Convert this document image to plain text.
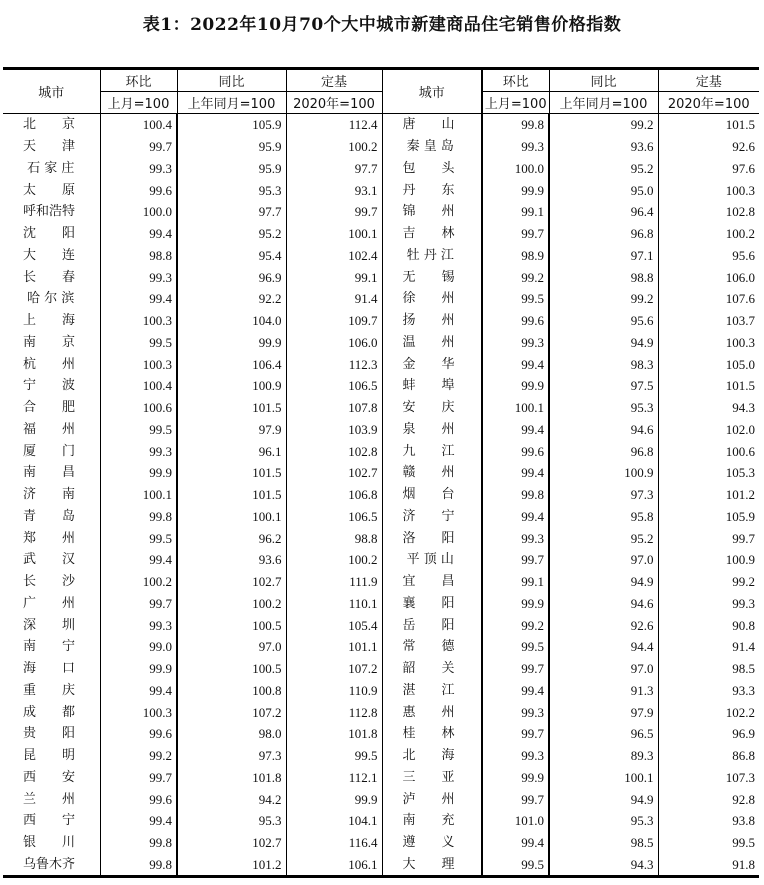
表1：2022年10月70个大中城市新建商品住宅销售价格指数
城市	环比	同比	定基	城市	环比	同比	定基
	上月=100	上年同月=100	2020年=100		上月=100	上年同月=100	2020年=100
北　　京	100.4	105.9	112.4	唐　　山	99.8	99.2	101.5
天　　津	99.7	95.9	100.2	秦 皇 岛	99.3	93.6	92.6
石 家 庄	99.3	95.9	97.7	包　　头	100.0	95.2	97.6
太　　原	99.6	95.3	93.1	丹　　东	99.9	95.0	100.3
呼和浩特	100.0	97.7	99.7	锦　　州	99.1	96.4	102.8
沈　　阳	99.4	95.2	100.1	吉　　林	99.7	96.8	100.2
大　　连	98.8	95.4	102.4	牡 丹 江	98.9	97.1	95.6
长　　春	99.3	96.9	99.1	无　　锡	99.2	98.8	106.0
哈 尔 滨	99.4	92.2	91.4	徐　　州	99.5	99.2	107.6
上　　海	100.3	104.0	109.7	扬　　州	99.6	95.6	103.7
南　　京	99.5	99.9	106.0	温　　州	99.3	94.9	100.3
杭　　州	100.3	106.4	112.3	金　　华	99.4	98.3	105.0
宁　　波	100.4	100.9	106.5	蚌　　埠	99.9	97.5	101.5
合　　肥	100.6	101.5	107.8	安　　庆	100.1	95.3	94.3
福　　州	99.5	97.9	103.9	泉　　州	99.4	94.6	102.0
厦　　门	99.3	96.1	102.8	九　　江	99.6	96.8	100.6
南　　昌	99.9	101.5	102.7	赣　　州	99.4	100.9	105.3
济　　南	100.1	101.5	106.8	烟　　台	99.8	97.3	101.2
青　　岛	99.8	100.1	106.5	济　　宁	99.4	95.8	105.9
郑　　州	99.5	96.2	98.8	洛　　阳	99.3	95.2	99.7
武　　汉	99.4	93.6	100.2	平 顶 山	99.7	97.0	100.9
长　　沙	100.2	102.7	111.9	宜　　昌	99.1	94.9	99.2
广　　州	99.7	100.2	110.1	襄　　阳	99.9	94.6	99.3
深　　圳	99.3	100.5	105.4	岳　　阳	99.2	92.6	90.8
南　　宁	99.0	97.0	101.1	常　　德	99.5	94.4	91.4
海　　口	99.9	100.5	107.2	韶　　关	99.7	97.0	98.5
重　　庆	99.4	100.8	110.9	湛　　江	99.4	91.3	93.3
成　　都	100.3	107.2	112.8	惠　　州	99.3	97.9	102.2
贵　　阳	99.6	98.0	101.8	桂　　林	99.7	96.5	96.9
昆　　明	99.2	97.3	99.5	北　　海	99.3	89.3	86.8
西　　安	99.7	101.8	112.1	三　　亚	99.9	100.1	107.3
兰　　州	99.6	94.2	99.9	泸　　州	99.7	94.9	92.8
西　　宁	99.4	95.3	104.1	南　　充	101.0	95.3	93.8
银　　川	99.8	102.7	116.4	遵　　义	99.4	98.5	99.5
乌鲁木齐	99.8	101.2	106.1	大　　理	99.5	94.3	91.8
